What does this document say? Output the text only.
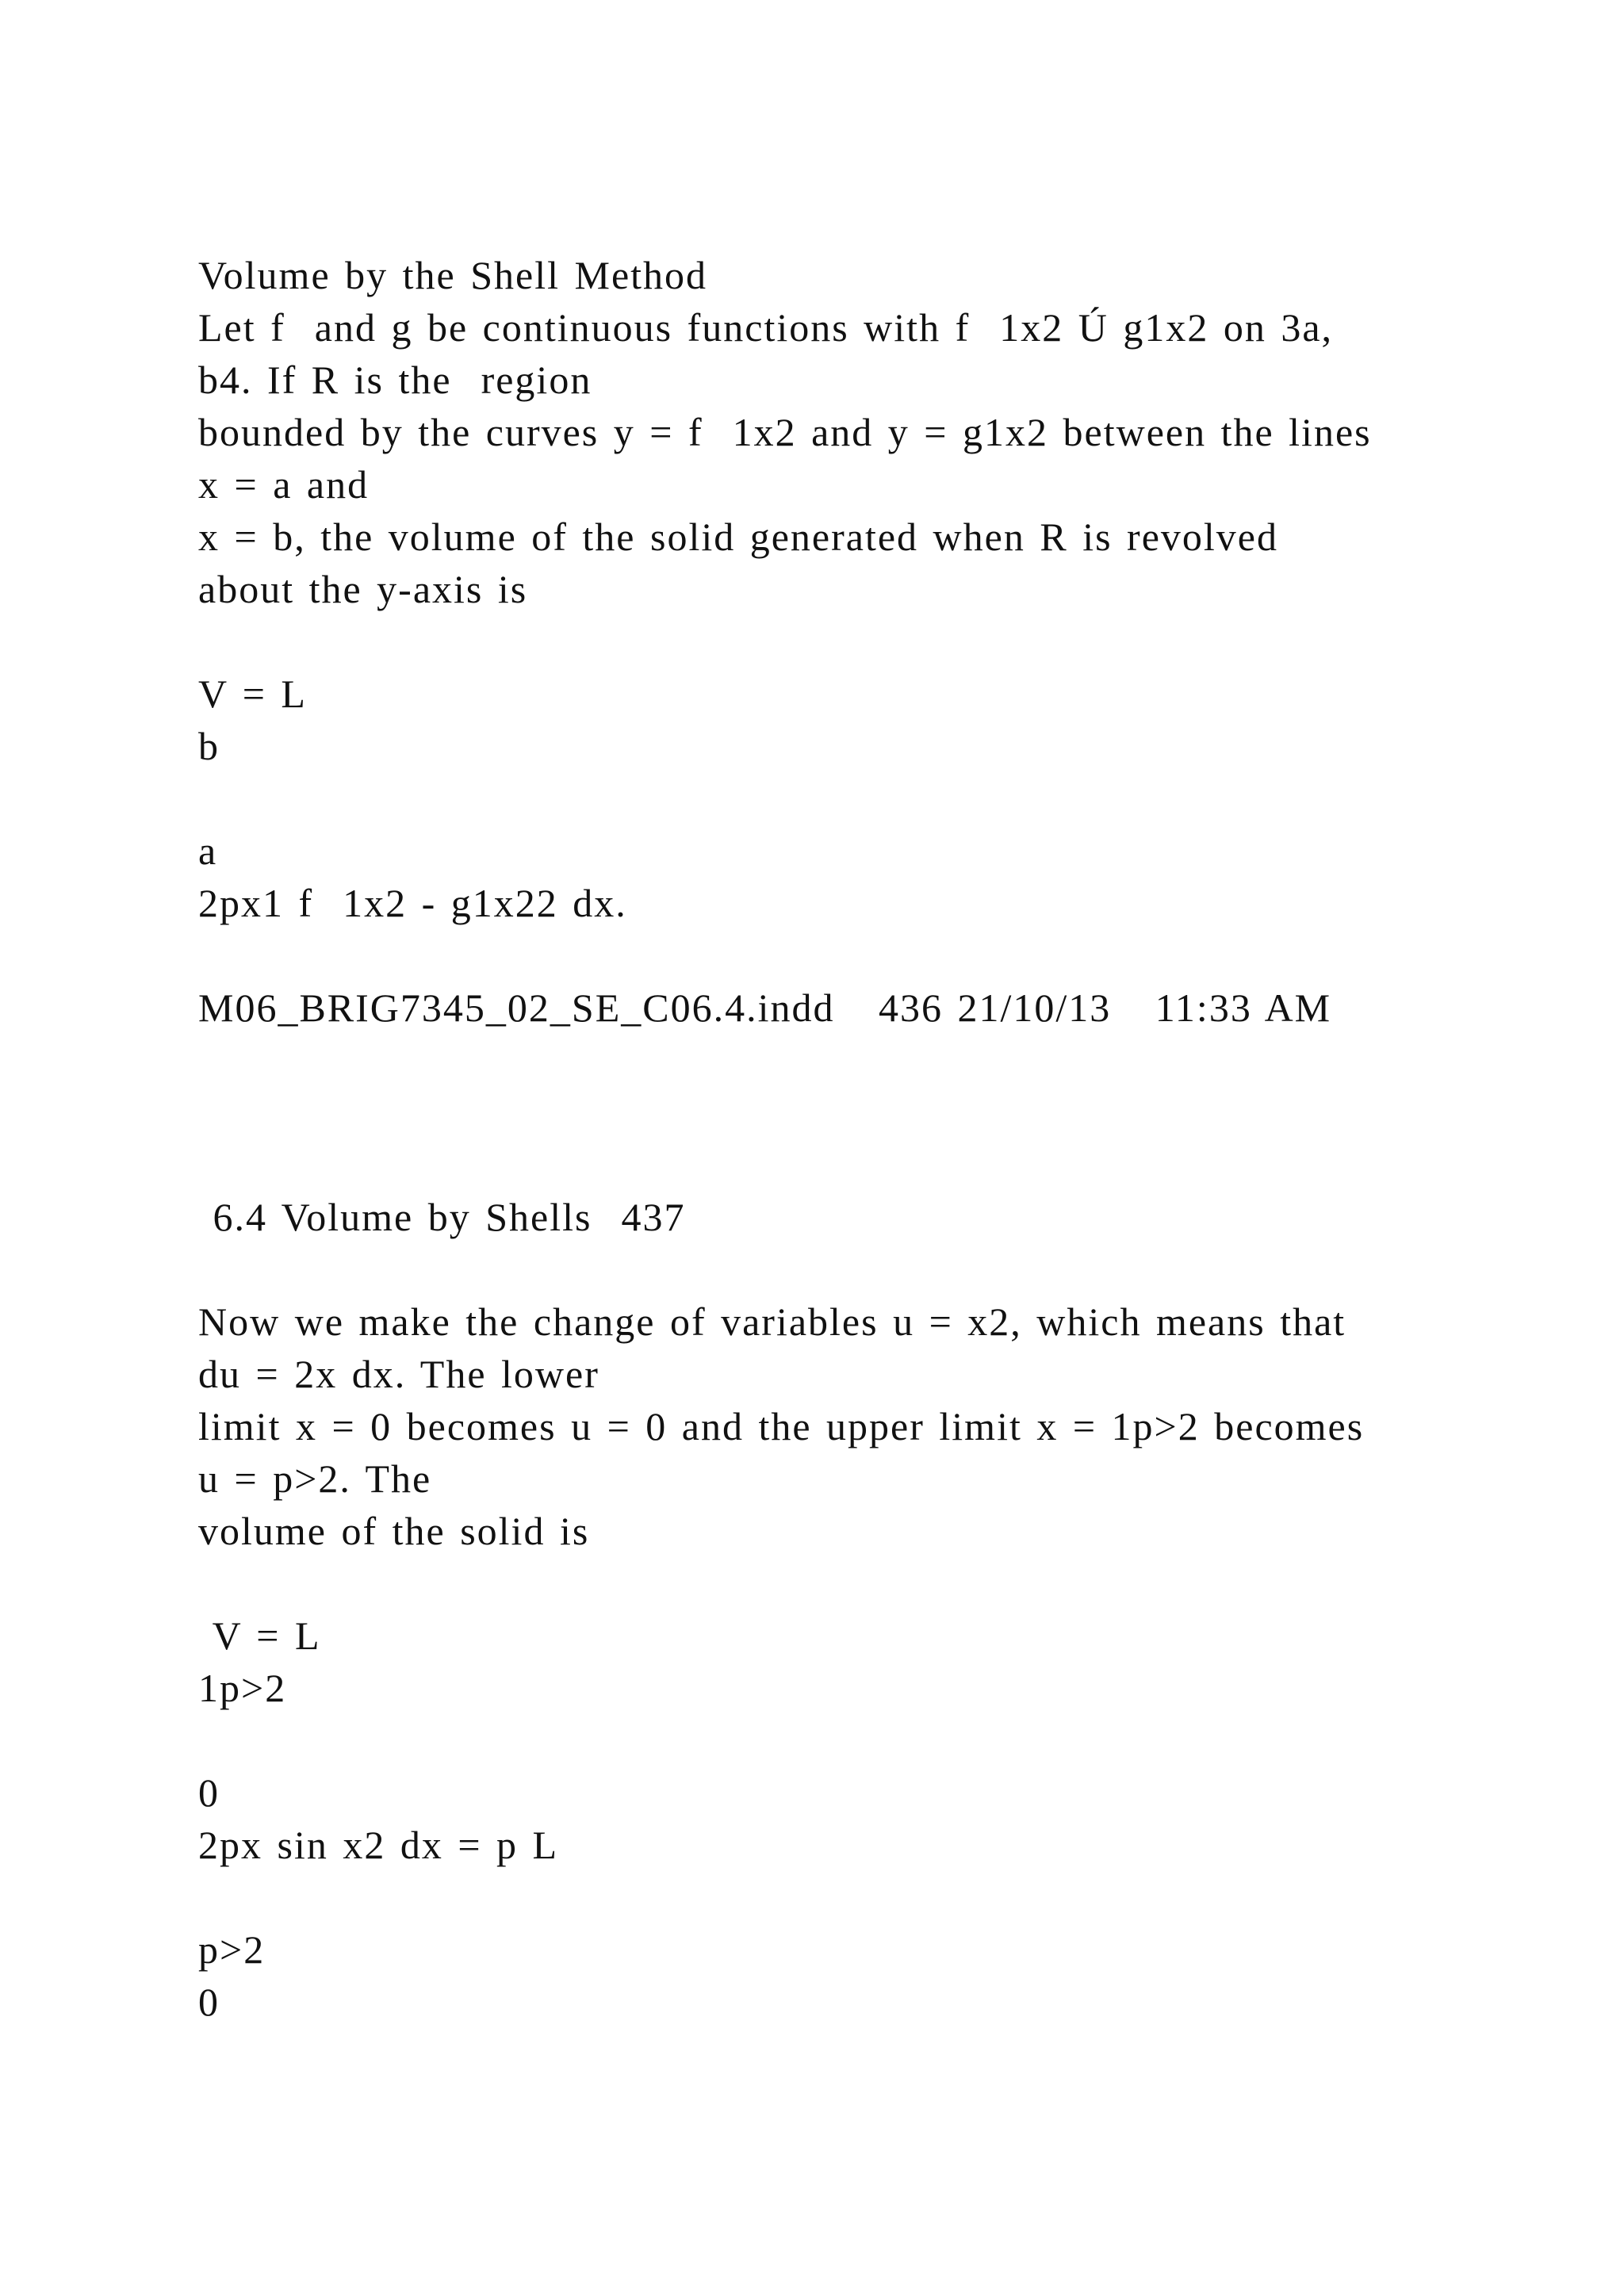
Volume by the Shell Method

Let f  and g be continuous functions with f  1x2 Ú g1x2 on 3a,

b4. If R is the  region

bounded by the curves y = f  1x2 and y = g1x2 between the lines

x = a and

x = b, the volume of the solid generated when R is revolved

about the y-axis is

V = L

b

a

2px1 f  1x2 - g1x22 dx.

M06_BRIG7345_02_SE_C06.4.indd   436 21/10/13   11:33 AM

6.4 Volume by Shells  437

Now we make the change of variables u = x2, which means that

du = 2x dx. The lower

limit x = 0 becomes u = 0 and the upper limit x = 1p>2 becomes

u = p>2. The

volume of the solid is

V = L

1p>2

0

2px sin x2 dx = p L

p>2

0
